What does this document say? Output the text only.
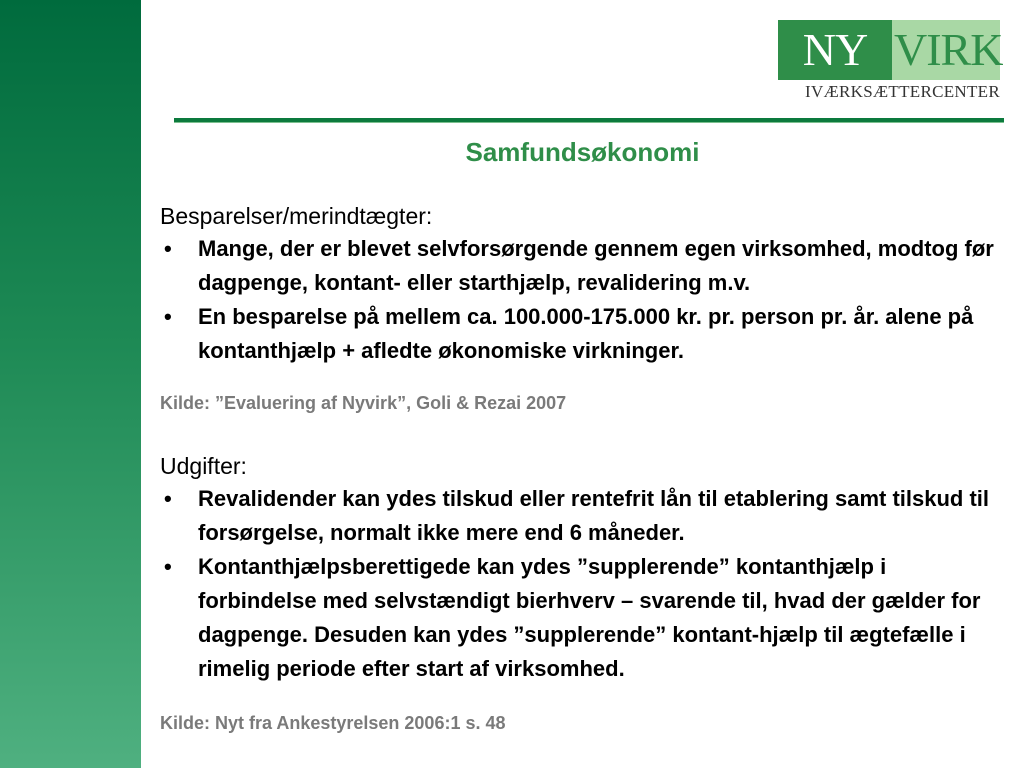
NY VIRK
IVÆRKSÆTTERCENTER
Samfundsøkonomi
Besparelser/merindtægter:
• Mange, der er blevet selvforsørgende gennem egen virksomhed, modtog før dagpenge, kontant- eller starthjælp, revalidering m.v.
• En besparelse på mellem ca. 100.000-175.000 kr. pr. person pr. år. alene på kontanthjælp + afledte økonomiske virkninger.
Kilde: ”Evaluering af Nyvirk”, Goli & Rezai 2007
Udgifter:
• Revalidender kan ydes tilskud eller rentefrit lån til etablering samt tilskud til forsørgelse, normalt ikke mere end 6 måneder.
• Kontanthjælpsberettigede kan ydes ”supplerende” kontanthjælp i forbindelse med selvstændigt bierhverv – svarende til, hvad der gælder for dagpenge. Desuden kan ydes ”supplerende” kontant-hjælp til ægtefælle i rimelig periode efter start af virksomhed.
Kilde: Nyt fra Ankestyrelsen 2006:1 s. 48
